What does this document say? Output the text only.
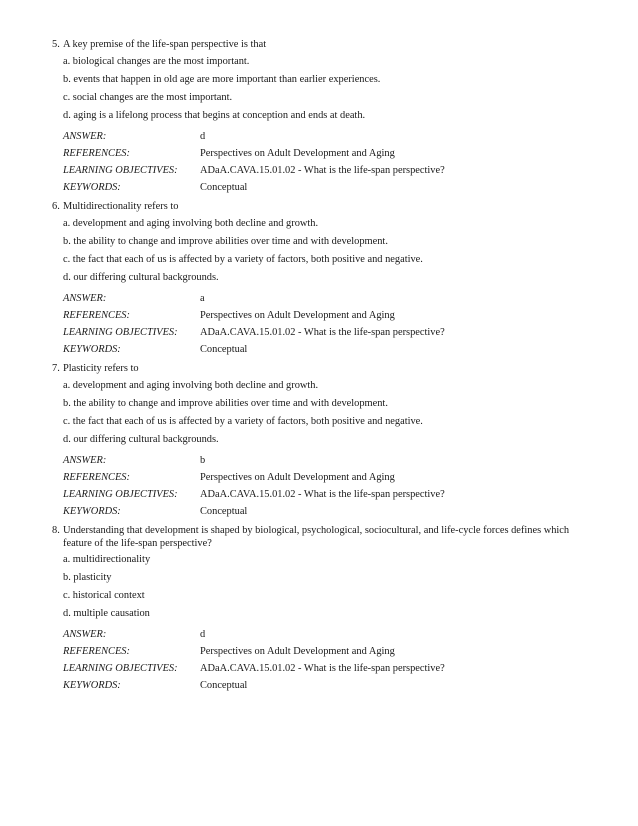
5. A key premise of the life-span perspective is that
a. biological changes are the most important.
b. events that happen in old age are more important than earlier experiences.
c. social changes are the most important.
d. aging is a lifelong process that begins at conception and ends at death.
ANSWER:	d
REFERENCES:	Perspectives on Adult Development and Aging
LEARNING OBJECTIVES:	ADaA.CAVA.15.01.02 - What is the life-span perspective?
KEYWORDS:	Conceptual
6. Multidirectionality refers to
a. development and aging involving both decline and growth.
b. the ability to change and improve abilities over time and with development.
c. the fact that each of us is affected by a variety of factors, both positive and negative.
d. our differing cultural backgrounds.
ANSWER:	a
REFERENCES:	Perspectives on Adult Development and Aging
LEARNING OBJECTIVES:	ADaA.CAVA.15.01.02 - What is the life-span perspective?
KEYWORDS:	Conceptual
7. Plasticity refers to
a. development and aging involving both decline and growth.
b. the ability to change and improve abilities over time and with development.
c. the fact that each of us is affected by a variety of factors, both positive and negative.
d. our differing cultural backgrounds.
ANSWER:	b
REFERENCES:	Perspectives on Adult Development and Aging
LEARNING OBJECTIVES:	ADaA.CAVA.15.01.02 - What is the life-span perspective?
KEYWORDS:	Conceptual
8. Understanding that development is shaped by biological, psychological, sociocultural, and life-cycle forces defines which feature of the life-span perspective?
a. multidirectionality
b. plasticity
c. historical context
d. multiple causation
ANSWER:	d
REFERENCES:	Perspectives on Adult Development and Aging
LEARNING OBJECTIVES:	ADaA.CAVA.15.01.02 - What is the life-span perspective?
KEYWORDS:	Conceptual
